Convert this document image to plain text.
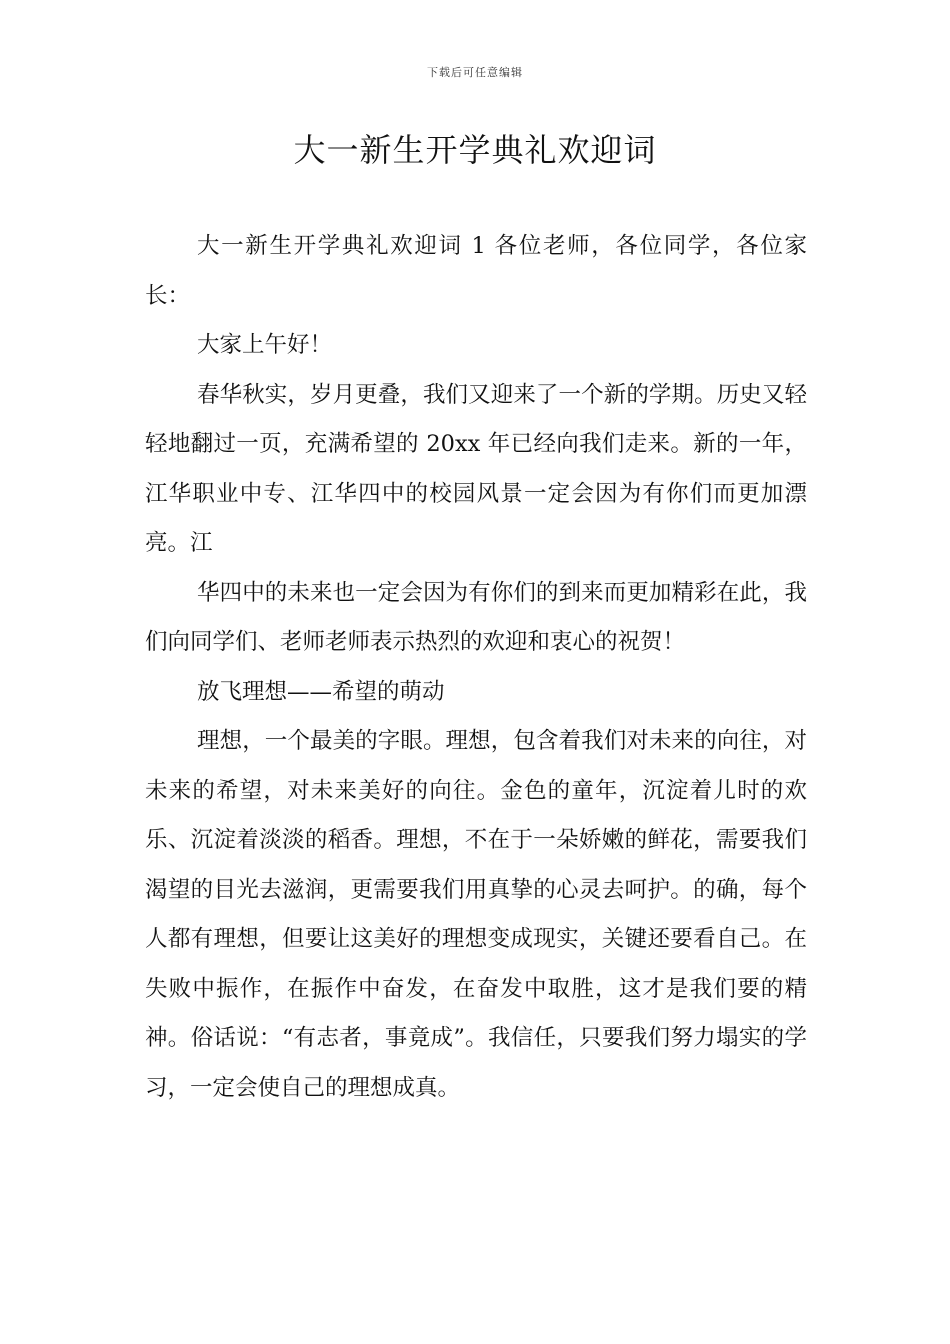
下载后可任意编辑
大一新生开学典礼欢迎词

大一新生开学典礼欢迎词 1 各位老师，各位同学，各位家长：

大家上午好！

春华秋实，岁月更叠，我们又迎来了一个新的学期。历史又轻轻地翻过一页，充满希望的 20xx 年已经向我们走来。新的一年，江华职业中专、江华四中的校园风景一定会因为有你们而更加漂亮。江

华四中的未来也一定会因为有你们的到来而更加精彩在此，我们向同学们、老师老师表示热烈的欢迎和衷心的祝贺！

放飞理想——希望的萌动

理想，一个最美的字眼。理想，包含着我们对未来的向往，对未来的希望，对未来美好的向往。金色的童年，沉淀着儿时的欢乐、沉淀着淡淡的稻香。理想，不在于一朵娇嫩的鲜花，需要我们渴望的目光去滋润，更需要我们用真挚的心灵去呵护。的确，每个人都有理想，但要让这美好的理想变成现实，关键还要看自己。在失败中振作，在振作中奋发，在奋发中取胜，这才是我们要的精神。俗话说：“有志者，事竟成”。我信任，只要我们努力塌实的学习，一定会使自己的理想成真。
